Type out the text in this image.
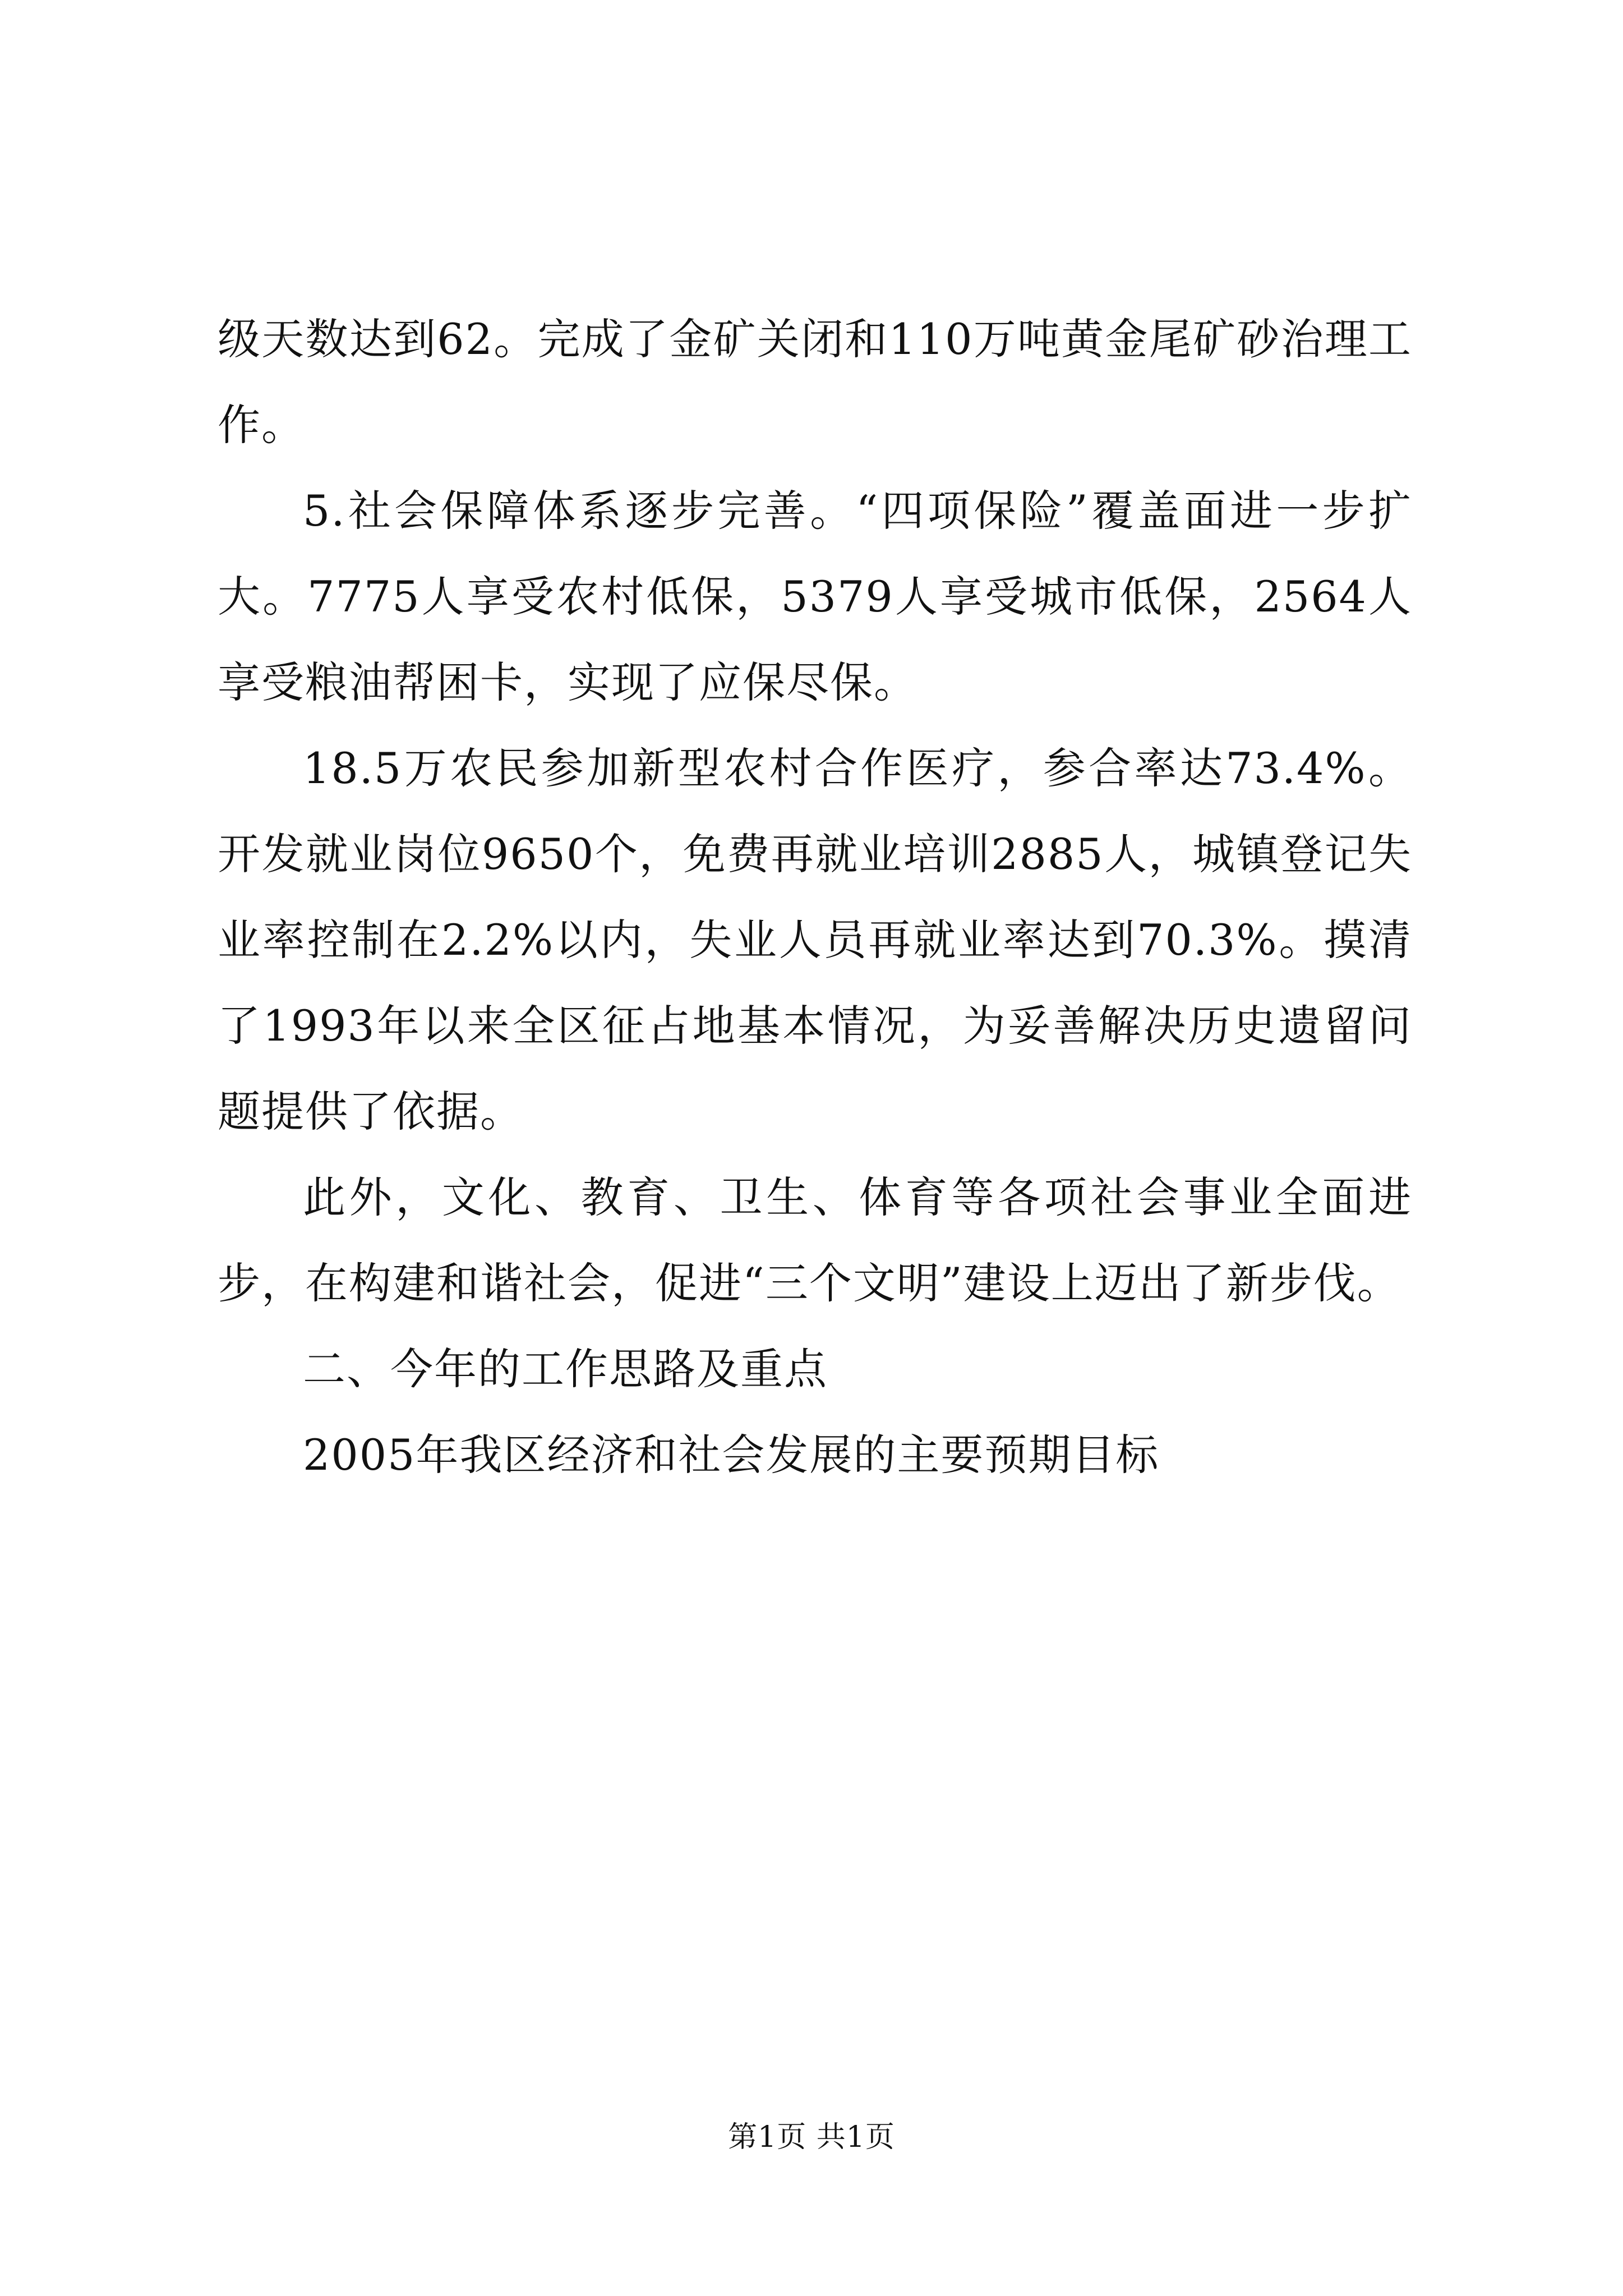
级天数达到62。完成了金矿关闭和110万吨黄金尾矿砂治理工作。

5.社会保障体系逐步完善。“四项保险”覆盖面进一步扩大。7775人享受农村低保，5379人享受城市低保，2564人享受粮油帮困卡，实现了应保尽保。

18.5万农民参加新型农村合作医疗，参合率达73.4%。开发就业岗位9650个，免费再就业培训2885人，城镇登记失业率控制在2.2%以内，失业人员再就业率达到70.3%。摸清了1993年以来全区征占地基本情况，为妥善解决历史遗留问题提供了依据。

此外，文化、教育、卫生、体育等各项社会事业全面进步，在构建和谐社会，促进“三个文明”建设上迈出了新步伐。

二、今年的工作思路及重点

2005年我区经济和社会发展的主要预期目标

第1页 共1页
